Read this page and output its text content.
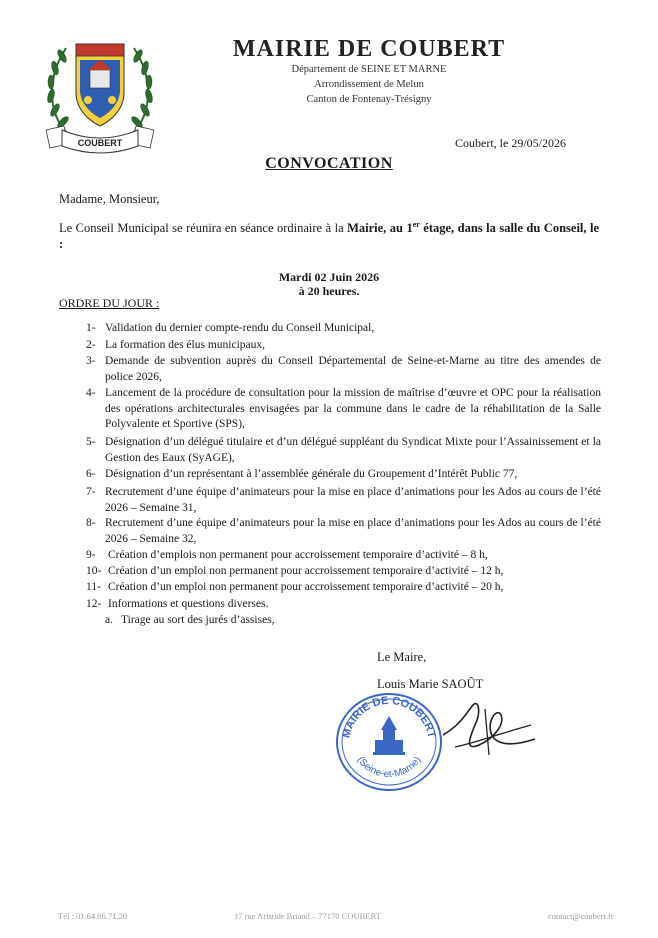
COUBERT
MAIRIE DE COUBERT
Département de SEINE ET MARNE
Arrondissement de Melun
Canton de Fontenay-Trésigny
Coubert, le 29/05/2026
CONVOCATION
Madame, Monsieur,
Le Conseil Municipal se réunira en séance ordinaire à la Mairie, au 1er étage, dans la salle du Conseil, le :
Mardi 02 Juin 2026
à 20 heures.
ORDRE DU JOUR :
1- Validation du dernier compte-rendu du Conseil Municipal,
2- La formation des élus municipaux,
3- Demande de subvention auprès du Conseil Départemental de Seine-et-Marne au titre des amendes de police 2026,
4- Lancement de la procédure de consultation pour la mission de maîtrise d’œuvre et OPC pour la réalisation des opérations architecturales envisagées par la commune dans le cadre de la réhabilitation de la Salle Polyvalente et Sportive (SPS),
5- Désignation d’un délégué titulaire et d’un délégué suppléant du Syndicat Mixte pour l’Assainissement et la Gestion des Eaux (SyAGE),
6- Désignation d’un représentant à l’assemblée générale du Groupement d’Intérêt Public 77,
7- Recrutement d’une équipe d’animateurs pour la mise en place d’animations pour les Ados au cours de l’été 2026 – Semaine 31,
8- Recrutement d’une équipe d’animateurs pour la mise en place d’animations pour les Ados au cours de l’été 2026 – Semaine 32,
9-	Création d’emplois non permanent pour accroissement temporaire d’activité – 8 h,
10- Création d’un emploi non permanent pour accroissement temporaire d’activité – 12 h,
11- Création d’un emploi non permanent pour accroissement temporaire d’activité – 20 h,
12- Informations et questions diverses.
a. Tirage au sort des jurés d’assises,
Le Maire,
Louis Marie SAOÛT
MAIRIE DE COUBERT
(Seine-et-Marne)
Tél : 01.64.06.71.20	17 rue Aristide Briand – 77170 COUBERT	contact@coubert.fr
